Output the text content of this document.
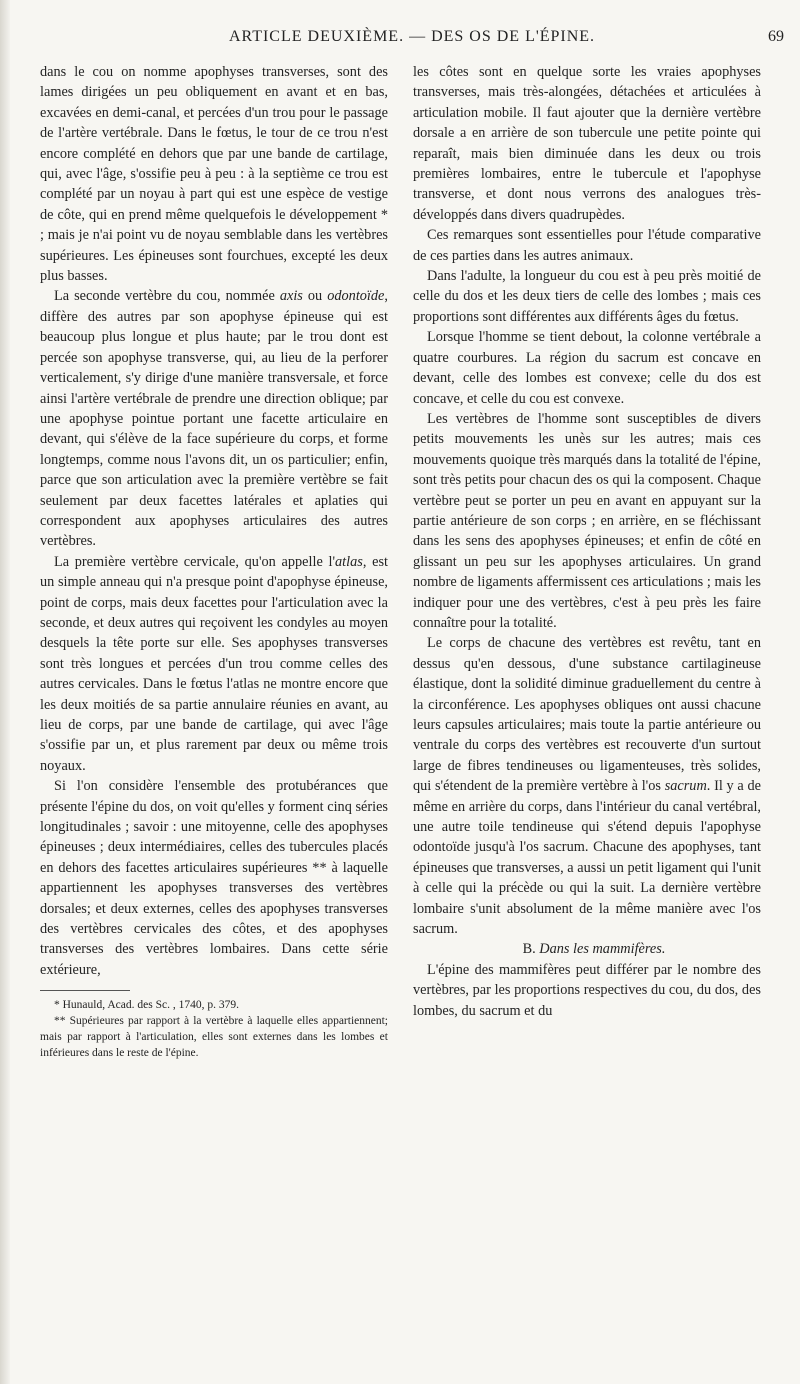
ARTICLE DEUXIÈME. — DES OS DE L'ÉPINE.	69

dans le cou on nomme apophyses transverses, sont des lames dirigées un peu obliquement en avant et en bas, excavées en demi-canal, et percées d'un trou pour le passage de l'artère vertébrale. Dans le fœtus, le tour de ce trou n'est encore complété en dehors que par une bande de cartilage, qui, avec l'âge, s'ossifie peu à peu : à la septième ce trou est complété par un noyau à part qui est une espèce de vestige de côte, qui en prend même quelquefois le développement * ; mais je n'ai point vu de noyau semblable dans les vertèbres supérieures. Les épineuses sont fourchues, excepté les deux plus basses.

La seconde vertèbre du cou, nommée axis ou odontoïde, diffère des autres par son apophyse épineuse qui est beaucoup plus longue et plus haute; par le trou dont est percée son apophyse transverse, qui, au lieu de la perforer verticalement, s'y dirige d'une manière transversale, et force ainsi l'artère vertébrale de prendre une direction oblique; par une apophyse pointue portant une facette articulaire en devant, qui s'élève de la face supérieure du corps, et forme longtemps, comme nous l'avons dit, un os particulier; enfin, parce que son articulation avec la première vertèbre se fait seulement par deux facettes latérales et aplaties qui correspondent aux apophyses articulaires des autres vertèbres.

La première vertèbre cervicale, qu'on appelle l'atlas, est un simple anneau qui n'a presque point d'apophyse épineuse, point de corps, mais deux facettes pour l'articulation avec la seconde, et deux autres qui reçoivent les condyles au moyen desquels la tête porte sur elle. Ses apophyses transverses sont très longues et percées d'un trou comme celles des autres cervicales. Dans le fœtus l'atlas ne montre encore que les deux moitiés de sa partie annulaire réunies en avant, au lieu de corps, par une bande de cartilage, qui avec l'âge s'ossifie par un, et plus rarement par deux ou même trois noyaux.

Si l'on considère l'ensemble des protubérances que présente l'épine du dos, on voit qu'elles y forment cinq séries longitudinales ; savoir : une mitoyenne, celle des apophyses épineuses ; deux intermédiaires, celles des tubercules placés en dehors des facettes articulaires supérieures ** à laquelle appartiennent les apophyses transverses des vertèbres dorsales; et deux externes, celles des apophyses transverses des vertèbres cervicales des côtes, et des apophyses transverses des vertèbres lombaires. Dans cette série extérieure,

* Hunauld, Acad. des Sc. , 1740, p. 379.

** Supérieures par rapport à la vertèbre à laquelle elles appartiennent; mais par rapport à l'articulation, elles sont externes dans les lombes et inférieures dans le reste de l'épine.

les côtes sont en quelque sorte les vraies apophyses transverses, mais très-alongées, détachées et articulées à articulation mobile. Il faut ajouter que la dernière vertèbre dorsale a en arrière de son tubercule une petite pointe qui reparaît, mais bien diminuée dans les deux ou trois premières lombaires, entre le tubercule et l'apophyse transverse, et dont nous verrons des analogues très-développés dans divers quadrupèdes.

Ces remarques sont essentielles pour l'étude comparative de ces parties dans les autres animaux.

Dans l'adulte, la longueur du cou est à peu près moitié de celle du dos et les deux tiers de celle des lombes ; mais ces proportions sont différentes aux différents âges du fœtus.

Lorsque l'homme se tient debout, la colonne vertébrale a quatre courbures. La région du sacrum est concave en devant, celle des lombes est convexe; celle du dos est concave, et celle du cou est convexe.

Les vertèbres de l'homme sont susceptibles de divers petits mouvements les unès sur les autres; mais ces mouvements quoique très marqués dans la totalité de l'épine, sont très petits pour chacun des os qui la composent. Chaque vertèbre peut se porter un peu en avant en appuyant sur la partie antérieure de son corps ; en arrière, en se fléchissant dans les sens des apophyses épineuses; et enfin de côté en glissant un peu sur les apophyses articulaires. Un grand nombre de ligaments affermissent ces articulations ; mais les indiquer pour une des vertèbres, c'est à peu près les faire connaître pour la totalité.

Le corps de chacune des vertèbres est revêtu, tant en dessus qu'en dessous, d'une substance cartilagineuse élastique, dont la solidité diminue graduellement du centre à la circonférence. Les apophyses obliques ont aussi chacune leurs capsules articulaires; mais toute la partie antérieure ou ventrale du corps des vertèbres est recouverte d'un surtout large de fibres tendineuses ou ligamenteuses, très solides, qui s'étendent de la première vertèbre à l'os sacrum. Il y a de même en arrière du corps, dans l'intérieur du canal vertébral, une autre toile tendineuse qui s'étend depuis l'apophyse odontoïde jusqu'à l'os sacrum. Chacune des apophyses, tant épineuses que transverses, a aussi un petit ligament qui l'unit à celle qui la précède ou qui la suit. La dernière vertèbre lombaire s'unit absolument de la même manière avec l'os sacrum.

B. Dans les mammifères.

L'épine des mammifères peut différer par le nombre des vertèbres, par les proportions respectives du cou, du dos, des lombes, du sacrum et du
